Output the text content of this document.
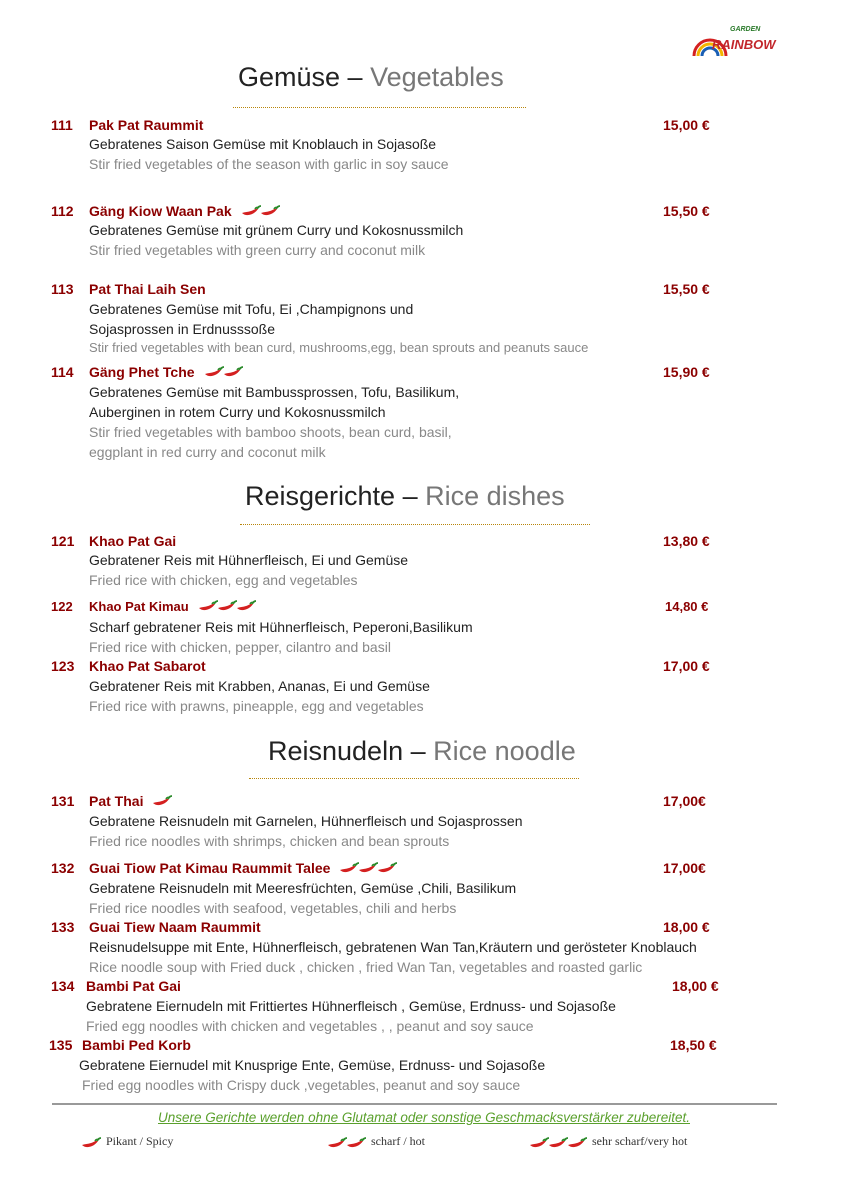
GARDEN
RAINBOW
Gemüse – Vegetables
111 Pak Pat Raummit	15,00 €
Gebratenes Saison Gemüse mit Knoblauch in Sojasoße
Stir fried vegetables of the season with garlic in soy sauce
112 Gäng Kiow Waan Pak	15,50 €
Gebratenes Gemüse mit grünem Curry und Kokosnussmilch
Stir fried vegetables with green curry and coconut milk
113 Pat Thai Laih Sen	15,50 €
Gebratenes Gemüse mit Tofu, Ei ,Champignons und
Sojasprossen in Erdnusssoße
Stir fried vegetables with bean curd, mushrooms,egg, bean sprouts and peanuts sauce
114 Gäng Phet Tche	15,90 €
Gebratenes Gemüse mit Bambussprossen, Tofu, Basilikum,
Auberginen in rotem Curry und Kokosnussmilch
Stir fried vegetables with bamboo shoots, bean curd, basil,
eggplant in red curry and coconut milk
Reisgerichte – Rice dishes
121 Khao Pat Gai	13,80 €
Gebratener Reis mit Hühnerfleisch, Ei und Gemüse
Fried rice with chicken, egg and vegetables
122 Khao Pat Kimau	14,80 €
Scharf gebratener Reis mit Hühnerfleisch, Peperoni,Basilikum
Fried rice with chicken, pepper, cilantro and basil
123 Khao Pat Sabarot	17,00 €
Gebratener Reis mit Krabben, Ananas, Ei und Gemüse
Fried rice with prawns, pineapple, egg and vegetables
Reisnudeln – Rice noodle
131 Pat Thai	17,00€
Gebratene Reisnudeln mit Garnelen, Hühnerfleisch und Sojasprossen
Fried rice noodles with shrimps, chicken and bean sprouts
132 Guai Tiow Pat Kimau Raummit Talee	17,00€
Gebratene Reisnudeln mit Meeresfrüchten, Gemüse ,Chili, Basilikum
Fried rice noodles with seafood, vegetables, chili and herbs
133 Guai Tiew Naam Raummit	18,00 €
Reisnudelsuppe mit Ente, Hühnerfleisch, gebratenen Wan Tan,Kräutern und gerösteter Knoblauch
Rice noodle soup with Fried duck , chicken , fried Wan Tan, vegetables and roasted garlic
134 Bambi Pat Gai	18,00 €
Gebratene Eiernudeln mit Frittiertes Hühnerfleisch , Gemüse, Erdnuss- und Sojasoße
Fried egg noodles with chicken and vegetables , , peanut and soy sauce
135 Bambi Ped Korb	18,50 €
Gebratene Eiernudel mit Knusprige Ente, Gemüse, Erdnuss- und Sojasoße
Fried egg noodles with Crispy duck ,vegetables, peanut and soy sauce
Unsere Gerichte werden ohne Glutamat oder sonstige Geschmacksverstärker zubereitet.
Pikant / Spicy	scharf / hot	sehr scharf/very hot
